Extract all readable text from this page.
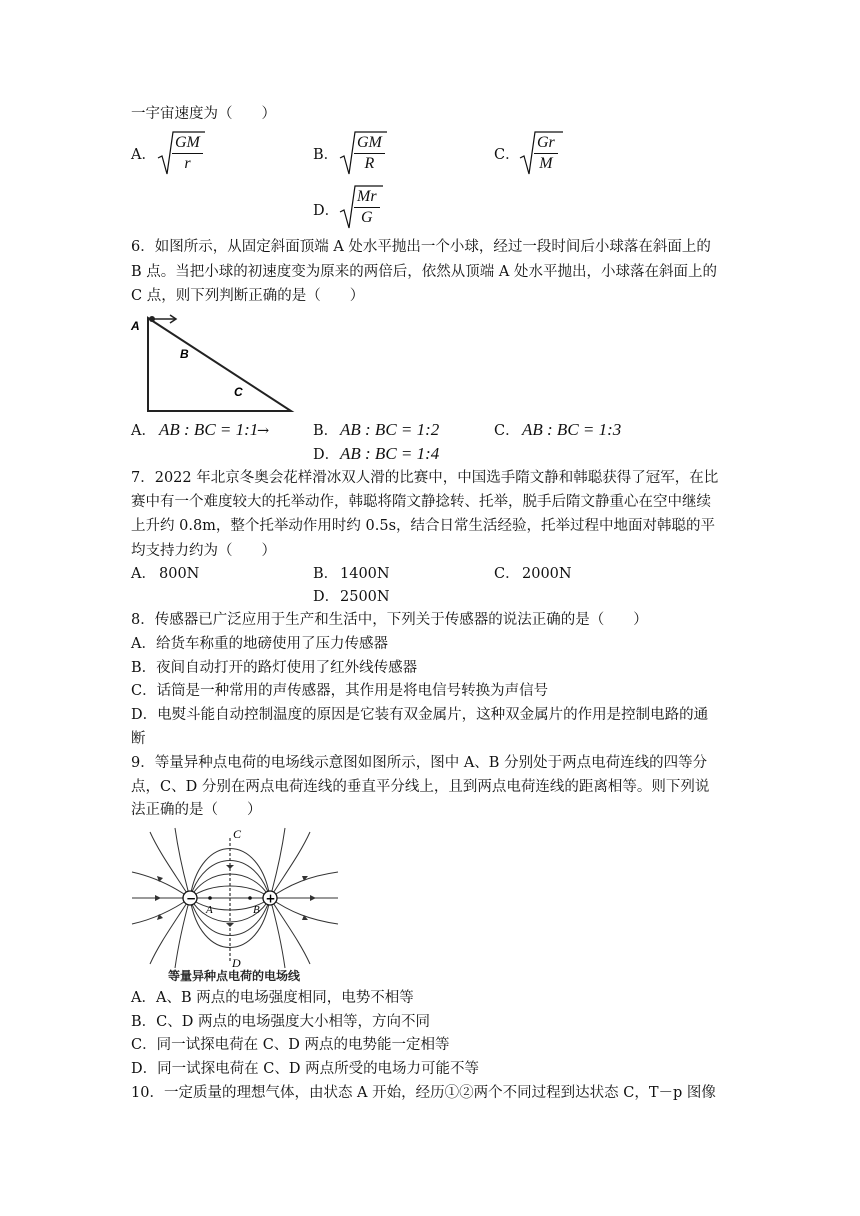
一宇宙速度为（　　）
A． $\frac{GM}{r}$	B． $\frac{GM}{R}$	C． $\frac{Gr}{M}$
D． $\frac{Mr}{G}$
6．如图所示，从固定斜面顶端 A 处水平抛出一个小球，经过一段时间后小球落在斜面上的
B 点。当把小球的初速度变为原来的两倍后，依然从顶端 A 处水平抛出，小球落在斜面上的
C 点，则下列判断正确的是（　　）
A
B
C
A． AB : BC = 1:1
→	B． AB : BC = 1:2	C． AB : BC = 1:3
D． AB : BC = 1:4
7．2022 年北京冬奥会花样滑冰双人滑的比赛中，中国选手隋文静和韩聪获得了冠军，在比
赛中有一个难度较大的托举动作，韩聪将隋文静捻转、托举，脱手后隋文静重心在空中继续
上升约 0.8m，整个托举动作用时约 0.5s，结合日常生活经验，托举过程中地面对韩聪的平
均支持力约为（　　）
A． 800N	B． 1400N	C． 2000N
D． 2500N
8．传感器已广泛应用于生产和生活中，下列关于传感器的说法正确的是（　　）
A．给货车称重的地磅使用了压力传感器
B．夜间自动打开的路灯使用了红外线传感器
C．话筒是一种常用的声传感器，其作用是将电信号转换为声信号
D．电熨斗能自动控制温度的原因是它装有双金属片，这种双金属片的作用是控制电路的通
断
9．等量异种点电荷的电场线示意图如图所示，图中 A、B 分别处于两点电荷连线的四等分
点，C、D 分别在两点电荷连线的垂直平分线上，且到两点电荷连线的距离相等。则下列说
法正确的是（　　）
−	+
C
D
A	B
等量异种点电荷的电场线
A．A、B 两点的电场强度相同，电势不相等
B．C、D 两点的电场强度大小相等，方向不同
C．同一试探电荷在 C、D 两点的电势能一定相等
D．同一试探电荷在 C、D 两点所受的电场力可能不等
10．一定质量的理想气体，由状态 A 开始，经历①②两个不同过程到达状态 C，T－p 图像
